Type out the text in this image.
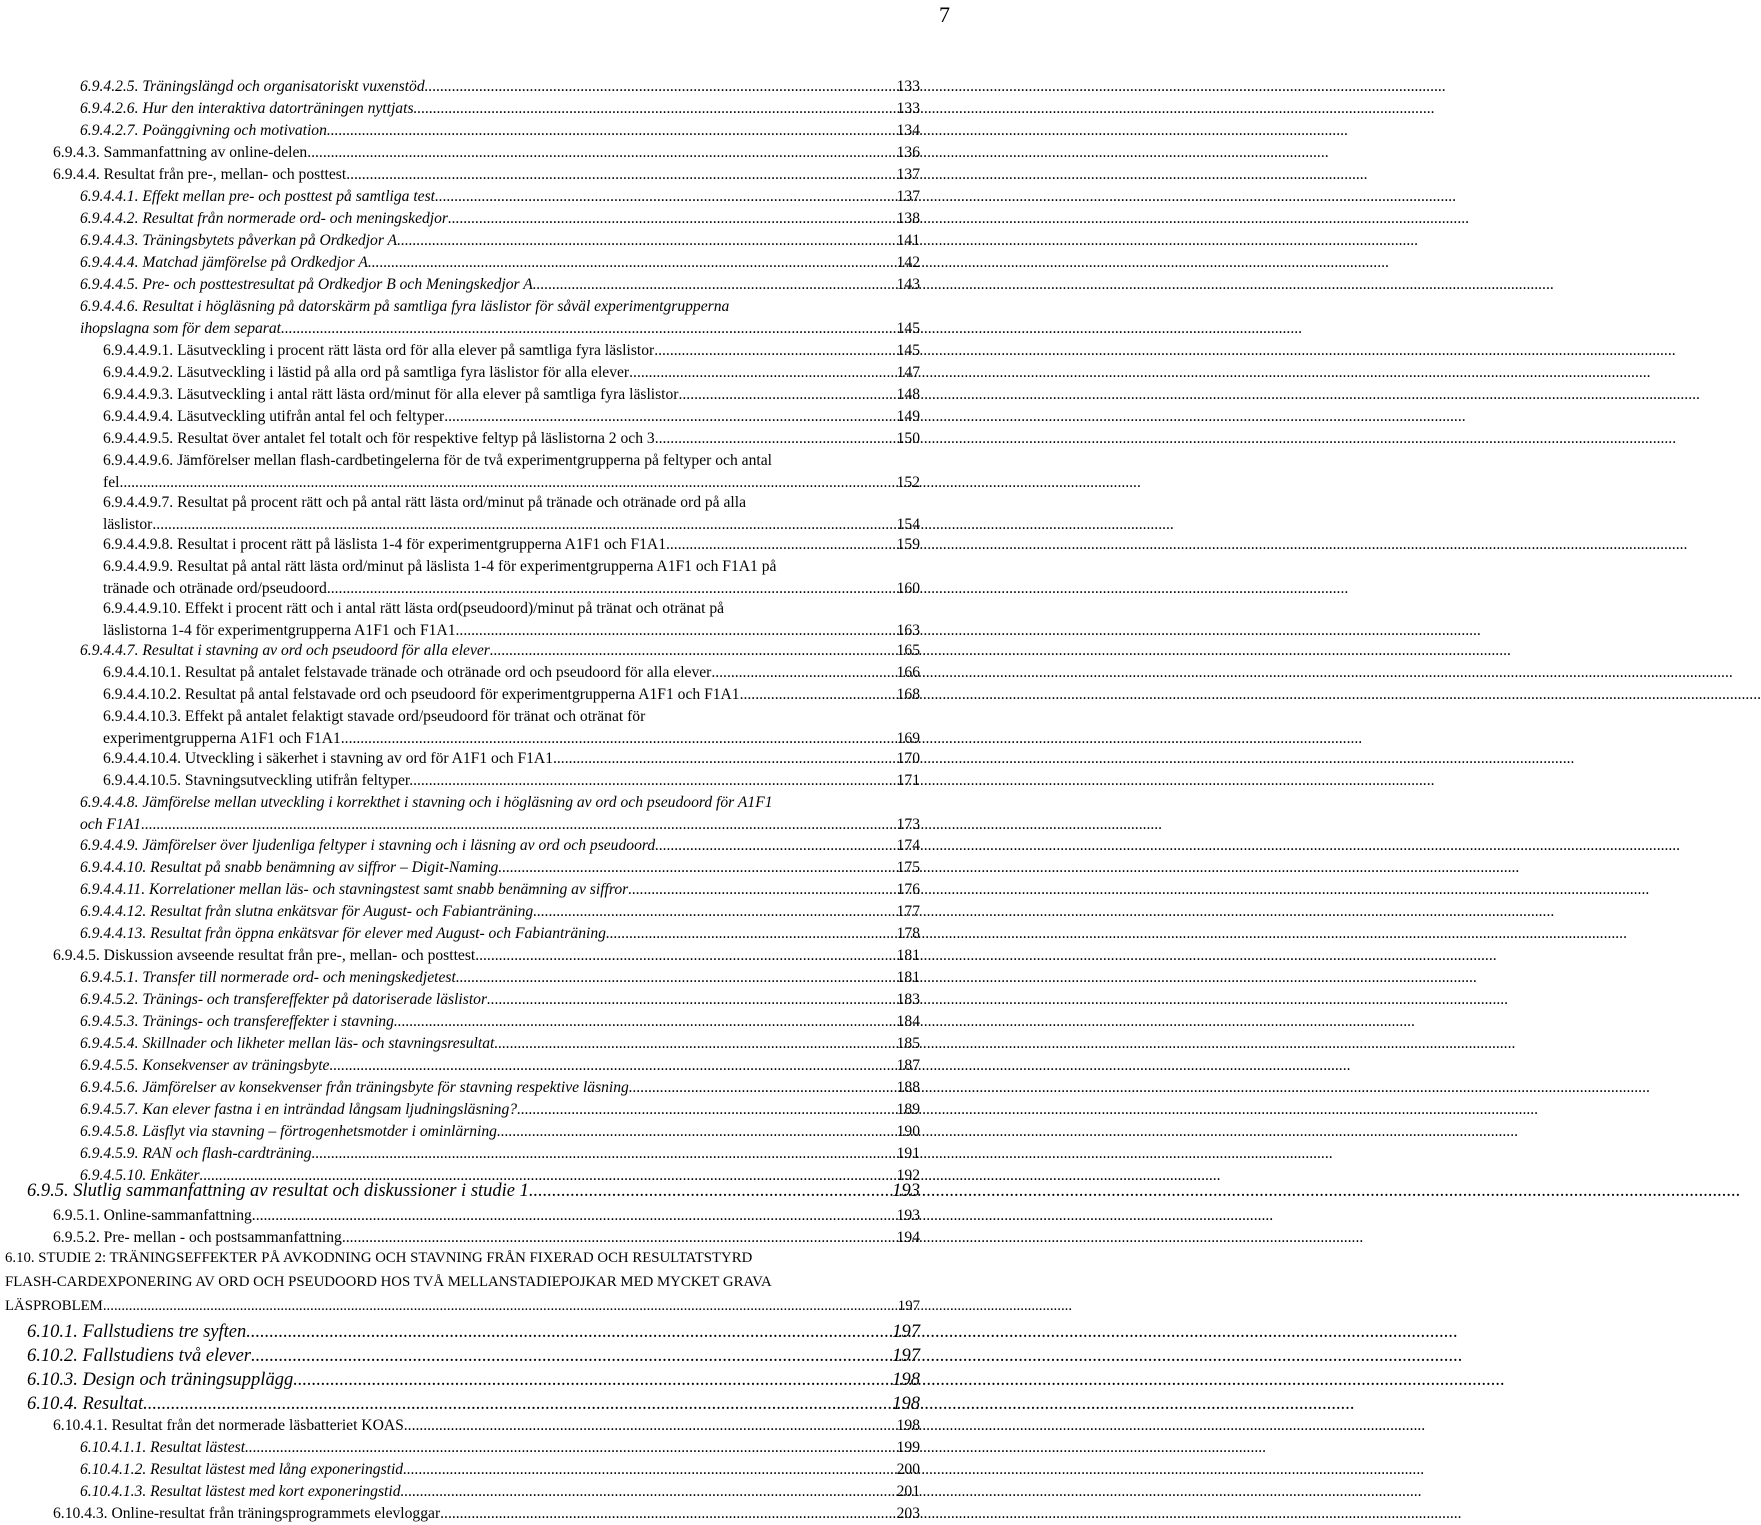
7
6.9.4.2.5. Träningslängd och organisatoriskt vuxenstöd .....	133
6.9.4.2.6. Hur den interaktiva datorträningen nyttjats .....	133
6.9.4.2.7. Poänggivning och motivation .....	134
6.9.4.3. Sammanfattning av online-delen .....	136
6.9.4.4. Resultat från pre-, mellan- och posttest .....	137
6.9.4.4.1. Effekt mellan pre- och posttest på samtliga test .....	137
6.9.4.4.2. Resultat från normerade ord- och meningskedjor .....	138
6.9.4.4.3. Träningsbytets påverkan på Ordkedjor A .....	141
6.9.4.4.4. Matchad jämförelse på Ordkedjor A .....	142
6.9.4.4.5. Pre- och posttestresultat på Ordkedjor B och Meningskedjor A .....	143
6.9.4.4.6. Resultat i högläsning på datorskärm på samtliga fyra läslistor för såväl experimentgrupperna
ihopslagna som för dem separat .....	145
6.9.4.4.9.1. Läsutveckling i procent rätt lästa ord för alla elever på samtliga fyra läslistor .....	145
6.9.4.4.9.2. Läsutveckling i lästid på alla ord på samtliga fyra läslistor för alla elever .....	147
6.9.4.4.9.3. Läsutveckling i antal rätt lästa ord/minut för alla elever på samtliga fyra läslistor .....	148
6.9.4.4.9.4. Läsutveckling utifrån antal fel och feltyper .....	149
6.9.4.4.9.5. Resultat över antalet fel totalt och för respektive feltyp på läslistorna 2 och 3 .....	150
6.9.4.4.9.6. Jämförelser mellan flash-cardbetingelerna för de två experimentgrupperna på feltyper och antal
fel .....	152
6.9.4.4.9.7. Resultat på procent rätt och på antal rätt lästa ord/minut på tränade och otränade ord på alla
läslistor .....	154
6.9.4.4.9.8. Resultat i procent rätt på läslista 1-4 för experimentgrupperna A1F1 och F1A1 .....	159
6.9.4.4.9.9. Resultat på antal rätt lästa ord/minut på läslista 1-4 för experimentgrupperna A1F1 och F1A1 på
tränade och otränade ord/pseudoord .....	160
6.9.4.4.9.10. Effekt i procent rätt och i antal rätt lästa ord(pseudoord)/minut på tränat och otränat på
läslistorna 1-4 för experimentgrupperna A1F1 och F1A1. .....	163
6.9.4.4.7. Resultat i stavning av ord och pseudoord för alla elever .....	165
6.9.4.4.10.1. Resultat på antalet felstavade tränade och otränade ord och pseudoord för alla elever .....	166
6.9.4.4.10.2. Resultat på antal felstavade ord och pseudoord för experimentgrupperna A1F1 och F1A1 .....	168
6.9.4.4.10.3. Effekt på antalet felaktigt stavade ord/pseudoord för tränat och otränat för
experimentgrupperna A1F1 och F1A1 .....	169
6.9.4.4.10.4. Utveckling i säkerhet i stavning av ord för A1F1 och F1A1 .....	170
6.9.4.4.10.5. Stavningsutveckling utifrån feltyper. .....	171
6.9.4.4.8. Jämförelse mellan utveckling i korrekthet i stavning och i högläsning av ord och pseudoord för A1F1
och F1A1 .....	173
6.9.4.4.9. Jämförelser över ljudenliga feltyper i stavning och i läsning av ord och pseudoord. .....	174
6.9.4.4.10. Resultat på snabb benämning av siffror – Digit-Naming .....	175
6.9.4.4.11. Korrelationer mellan läs- och stavningstest samt snabb benämning av siffror .....	176
6.9.4.4.12. Resultat från slutna enkätsvar för August- och Fabianträning .....	177
6.9.4.4.13. Resultat från öppna enkätsvar för elever med August- och Fabianträning .....	178
6.9.4.5. Diskussion avseende resultat från pre-, mellan- och posttest .....	181
6.9.4.5.1. Transfer till normerade ord- och meningskedjetest .....	181
6.9.4.5.2. Tränings- och transfereffekter på datoriserade läslistor .....	183
6.9.4.5.3. Tränings- och transfereffekter i stavning .....	184
6.9.4.5.4. Skillnader och likheter mellan läs- och stavningsresultat .....	185
6.9.4.5.5. Konsekvenser av träningsbyte .....	187
6.9.4.5.6. Jämförelser av konsekvenser från träningsbyte för stavning respektive läsning .....	188
6.9.4.5.7. Kan elever fastna i en inträndad långsam ljudningsläsning? .....	189
6.9.4.5.8. Läsflyt via stavning – förtrogenhetsmotder i ominlärning .....	190
6.9.4.5.9. RAN och flash-cardträning .....	191
6.9.4.5.10. Enkäter .....	192
6.9.5. Slutlig sammanfattning av resultat och diskussioner i studie 1 .....	193
6.9.5.1. Online-sammanfattning .....	193
6.9.5.2. Pre- mellan - och postsammanfattning .....	194
6.10. STUDIE 2: TRÄNINGSEFFEKTER PÅ AVKODNING OCH STAVNING FRÅN FIXERAD OCH RESULTATSTYRD
FLASH-CARDEXPONERING AV ORD OCH PSEUDOORD HOS TVÅ MELLANSTADIEPOJKAR MED MYCKET GRAVA
LÄSPROBLEM .....	197
6.10.1. Fallstudiens tre syften .....	197
6.10.2. Fallstudiens två elever .....	197
6.10.3. Design och träningsupplägg .....	198
6.10.4. Resultat .....	198
6.10.4.1. Resultat från det normerade läsbatteriet KOAS .....	198
6.10.4.1.1. Resultat lästest .....	199
6.10.4.1.2. Resultat lästest med lång exponeringstid .....	200
6.10.4.1.3. Resultat lästest med kort exponeringstid .....	201
6.10.4.3. Online-resultat från träningsprogrammets elevloggar .....	203
